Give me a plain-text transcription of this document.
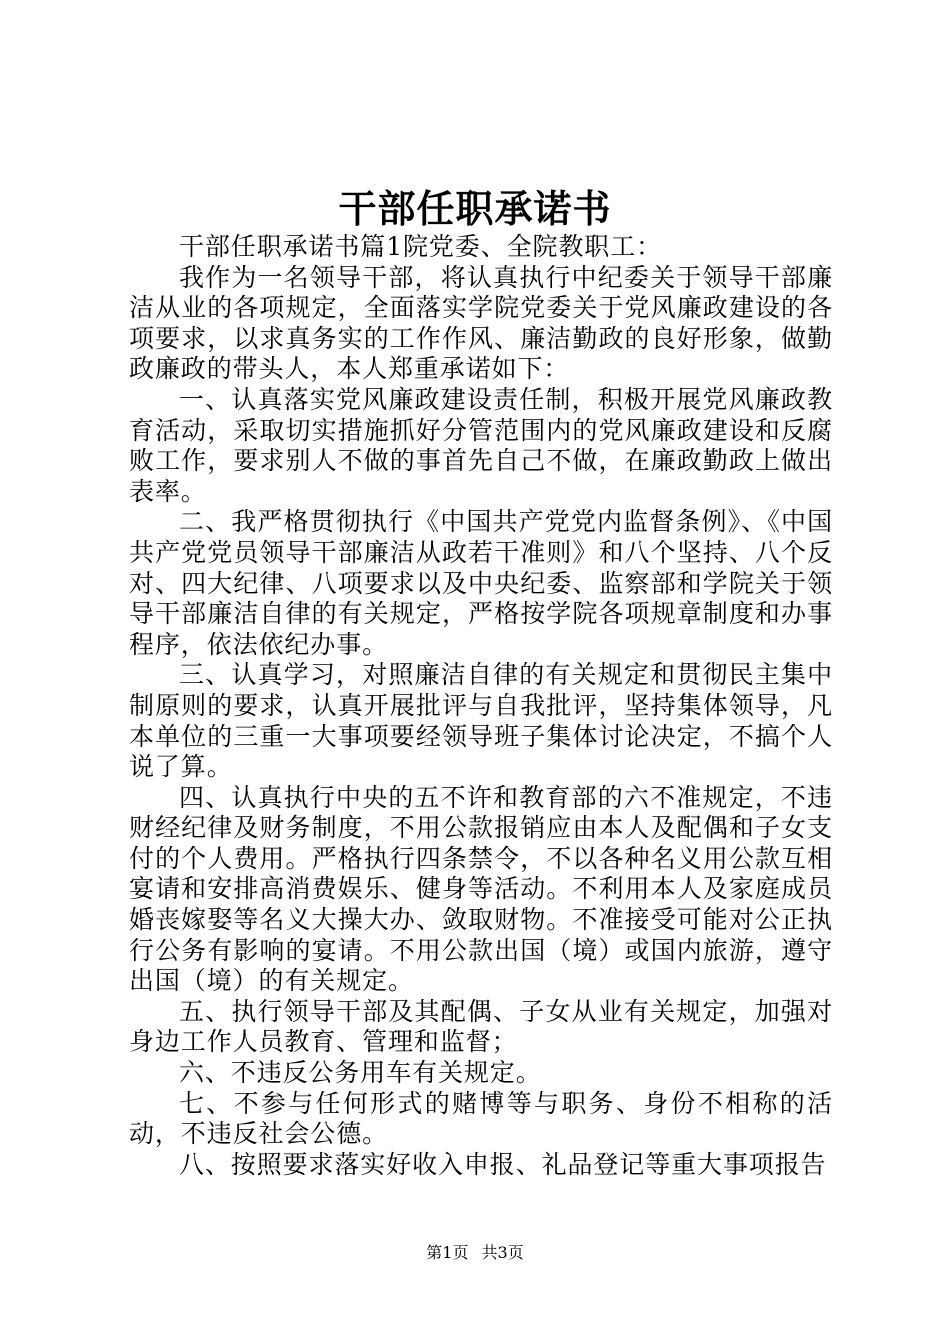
干部任职承诺书

干部任职承诺书篇1院党委、全院教职工：

我作为一名领导干部，将认真执行中纪委关于领导干部廉洁从业的各项规定，全面落实学院党委关于党风廉政建设的各项要求，以求真务实的工作作风、廉洁勤政的良好形象，做勤政廉政的带头人，本人郑重承诺如下：

一、认真落实党风廉政建设责任制，积极开展党风廉政教育活动，采取切实措施抓好分管范围内的党风廉政建设和反腐败工作，要求别人不做的事首先自己不做，在廉政勤政上做出表率。

二、我严格贯彻执行《中国共产党党内监督条例》、《中国共产党党员领导干部廉洁从政若干准则》和八个坚持、八个反对、四大纪律、八项要求以及中央纪委、监察部和学院关于领导干部廉洁自律的有关规定，严格按学院各项规章制度和办事程序，依法依纪办事。

三、认真学习，对照廉洁自律的有关规定和贯彻民主集中制原则的要求，认真开展批评与自我批评，坚持集体领导，凡本单位的三重一大事项要经领导班子集体讨论决定，不搞个人说了算。

四、认真执行中央的五不许和教育部的六不准规定，不违财经纪律及财务制度，不用公款报销应由本人及配偶和子女支付的个人费用。严格执行四条禁令，不以各种名义用公款互相宴请和安排高消费娱乐、健身等活动。不利用本人及家庭成员婚丧嫁娶等名义大操大办、敛取财物。不准接受可能对公正执行公务有影响的宴请。不用公款出国（境）或国内旅游，遵守出国（境）的有关规定。

五、执行领导干部及其配偶、子女从业有关规定，加强对身边工作人员教育、管理和监督；

六、不违反公务用车有关规定。

七、不参与任何形式的赌博等与职务、身份不相称的活动，不违反社会公德。

八、按照要求落实好收入申报、礼品登记等重大事项报告

第1页 共3页
